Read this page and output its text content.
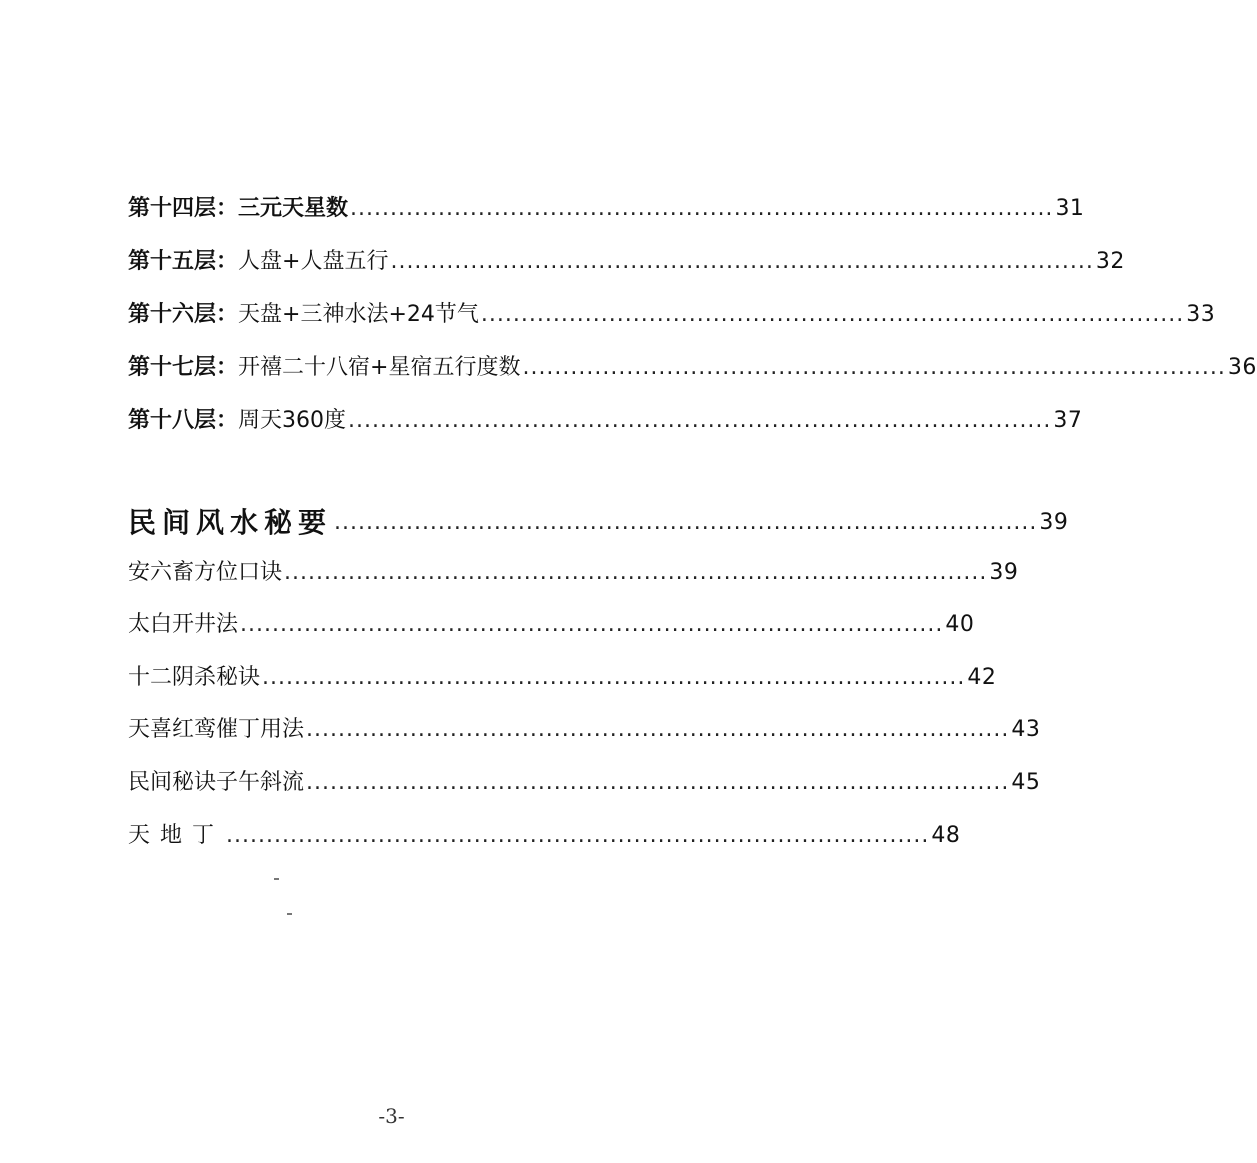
第十四层：三元天星数 ........................................................................................ 31
第十五层：人盘+人盘五行 ........................................................................................ 32
第十六层：天盘+三神水法+24节气 ........................................................................................ 33
第十七层：开禧二十八宿+星宿五行度数 ........................................................................................ 36
第十八层：周天360度 ........................................................................................ 37
民间风水秘要 ........................................................................................ 39
安六畜方位口诀 ........................................................................................ 39
太白开井法 ........................................................................................ 40
十二阴杀秘诀 ........................................................................................ 42
天喜红鸾催丁用法 ........................................................................................ 43
民间秘诀子午斜流 ........................................................................................ 45
天地丁 ........................................................................................ 48
-3-
